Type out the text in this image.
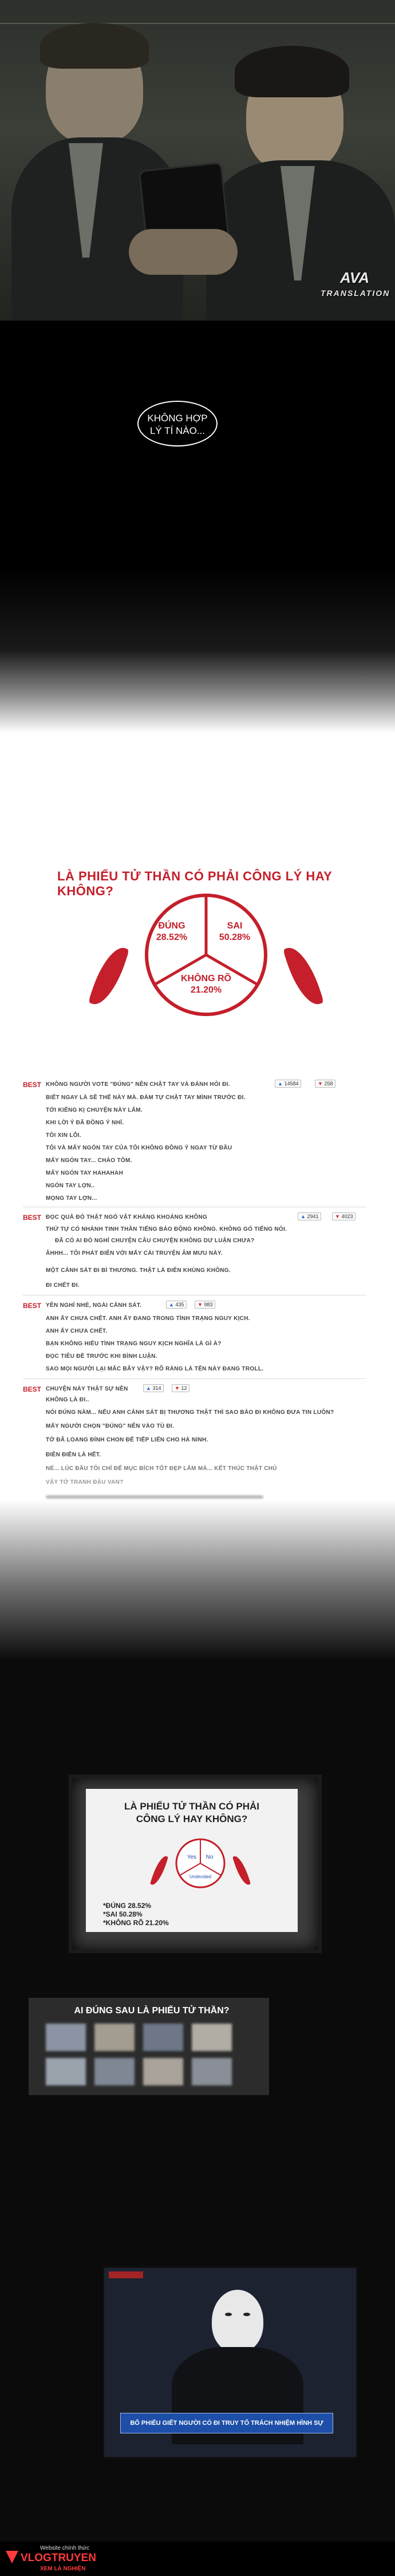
AVA
TRANSLATION
KHÔNG HỢP
LÝ TÍ NÀO...
LÀ PHIẾU TỬ THẦN CÓ PHẢI CÔNG LÝ HAY KHÔNG?
ĐÚNG
28.52%
SAI
50.28%
KHÔNG RÕ
21.20%
BEST KHÔNG NGƯỜI VOTE "ĐÚNG" NÊN CHẶT TAY VÀ ĐÁNH HỎI ĐI.	▲ 14584	▼ 258
BIẾT NGAY LÀ SẼ THẾ NÀY MÀ. ĐÁM TỰ CHẶT TAY MÌNH TRƯỚC ĐI.
TỚI KIẾNG KỊ CHUYỆN NÀY LẮM.
KHI LỜI Ý ĐÃ ĐỒNG Ý NHỈ.
TÔI XIN LỖI.
TÔI VÀ MẤY NGÓN TAY CỦA TÔI KHÔNG ĐỒNG Ý NGAY TỪ ĐẦU
MẤY NGÓN TAY... CHÀO TÔM.
MẤY NGÓN TAY HAHAHAH
NGÓN TAY LỢN..
MỌNG TAY LỢN...
BEST ĐỌC QUẢ ĐÓ THẬT NGÓ VẬT KHẢNG KHOÁNG KHÔNG	▲ 2941	▼ 4023
THỨ TỰ CÓ NHÁNH TINH THẦN TIẾNG BÁO ĐỘNG KHÔNG. KHÔNG GÓ TIẾNG NÓI.
ĐÃ CÓ AI ĐÓ NGHỈ CHUYỆN CÂU CHUYỆN KHÔNG DƯ LUẬN CHƯA?
ÂHHH... TÔI PHÁT ĐIÊN VỚI MẤY CÁI TRUYỆN ÂM MƯU NÀY.
MỘT CẢNH SÁT ĐI BÌ THƯƠNG. THẬT LÀ ĐIÊN KHÙNG KHÔNG.
ĐI CHẾT ĐI.
BEST YÊN NGHỈ NHÉ, NGÀI CẢNH SÁT.	▲ 435	▼ 983
ANH ẤY CHƯA CHẾT. ANH ẤY ĐANG TRONG TÌNH TRẠNG NGUY KỊCH.
ANH ẤY CHƯA CHẾT.
BẠN KHÔNG HIỂU TÌNH TRẠNG NGUY KỊCH NGHĨA LÀ GÌ À?
ĐỌC TIÊU ĐỀ TRƯỚC KHI BÌNH LUẬN.
SAO MỌI NGƯỜI LẠI MẮC BẪY VẬY? RÕ RÀNG LÀ TÊN NÀY ĐANG TROLL.
BEST CHUYỆN NÀY THẬT SỰ NÊN	▲ 314	▼ 12
KHÔNG LÀ ĐI..
NÓI ĐÚNG NÀM... NẾU ANH CẢNH SÁT BỊ THƯƠNG THẬT THÌ SAO BẢO ĐI KHÔNG ĐƯA TIN LUÔN?
MẤY NGƯỜI CHỌN "ĐÚNG" NÊN VÀO TÙ ĐI.
TỚ ĐÃ LOANG ĐÍNH CHON ĐẾ TIẾP LIẾN CHO HÀ NINH.
ĐIÊN ĐIỀN LÀ HẾT.
NÉ... LÚC ĐẦU TÔI CHỈ ĐẾ MỤC BÍCH TỐT ĐẸP LẮM MÀ... KẾT THÚC THẬT CHỦ
VẬY TỚ TRANH ĐẬU VAN?
LÀ PHIẾU TỬ THẦN CÓ PHẢI
CÔNG LÝ HAY KHÔNG?
Yes No
Undecided
*ĐÚNG 28.52%
*SAI 50.28%
*KHÔNG RÕ 21.20%
AI ĐÚNG SAU LÀ PHIẾU TỬ THẦN?
BỐ PHIẾU GIẾT NGƯỜI CÓ ĐI TRUY TỐ TRÁCH NHIỆM HÌNH SỰ
Website chính thức
VLOGTRUYEN
XEM LÀ NGHIỆN
